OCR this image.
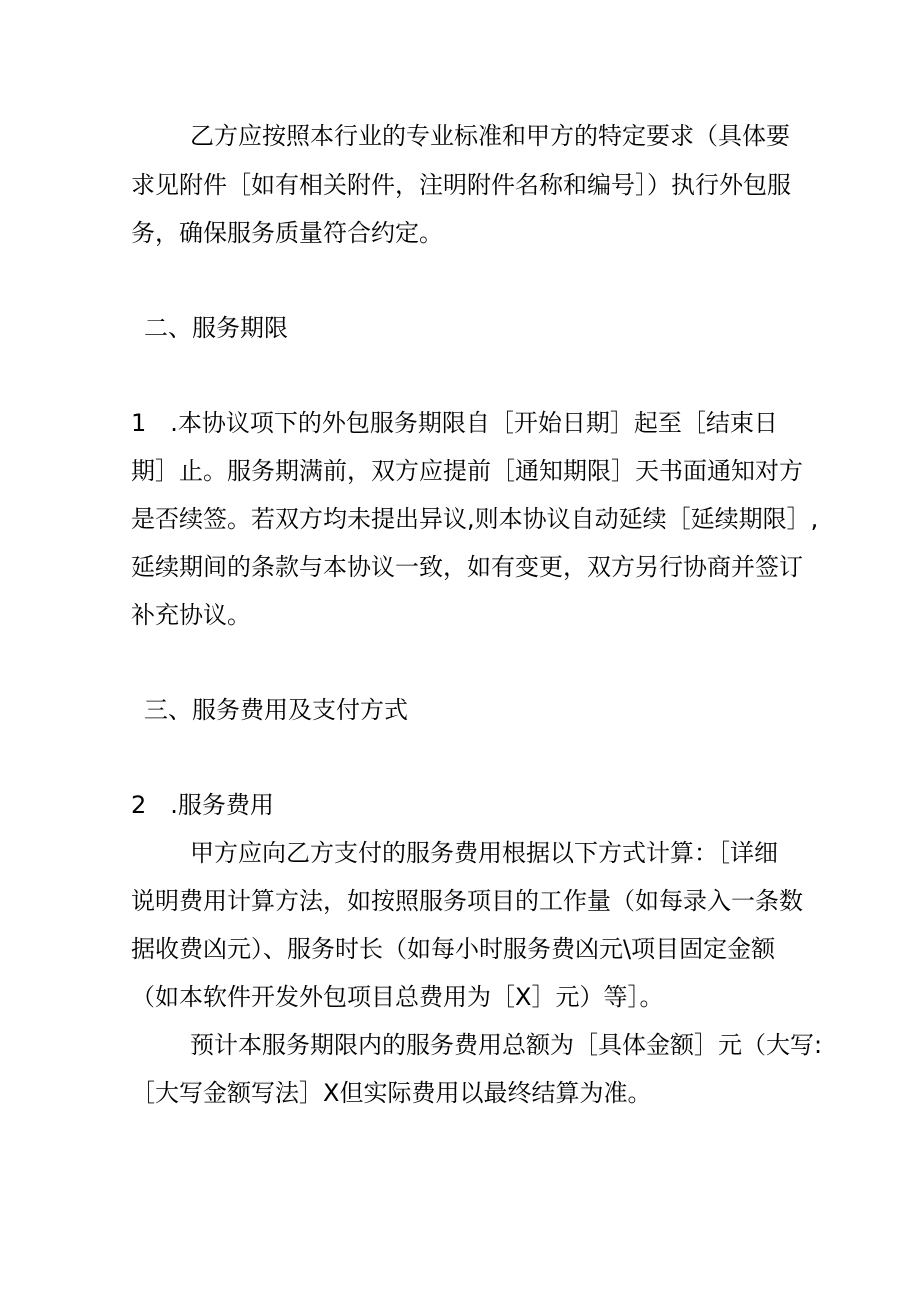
乙方应按照本行业的专业标准和甲方的特定要求（具体要
求见附件［如有相关附件，注明附件名称和编号］）执行外包服
务，确保服务质量符合约定。
二、服务期限
1　.本协议项下的外包服务期限自［开始日期］起至［结束日
期］止。服务期满前，双方应提前［通知期限］天书面通知对方
是否续签。若双方均未提出异议,则本协议自动延续［延续期限］,
延续期间的条款与本协议一致，如有变更，双方另行协商并签订
补充协议。
三、服务费用及支付方式
2　.服务费用
甲方应向乙方支付的服务费用根据以下方式计算：［详细
说明费用计算方法，如按照服务项目的工作量（如每录入一条数
据收费凶元）、服务时长（如每小时服务费凶元\项目固定金额
（如本软件开发外包项目总费用为［X］元）等］。
预计本服务期限内的服务费用总额为［具体金额］元（大写:
［大写金额写法］X但实际费用以最终结算为准。
